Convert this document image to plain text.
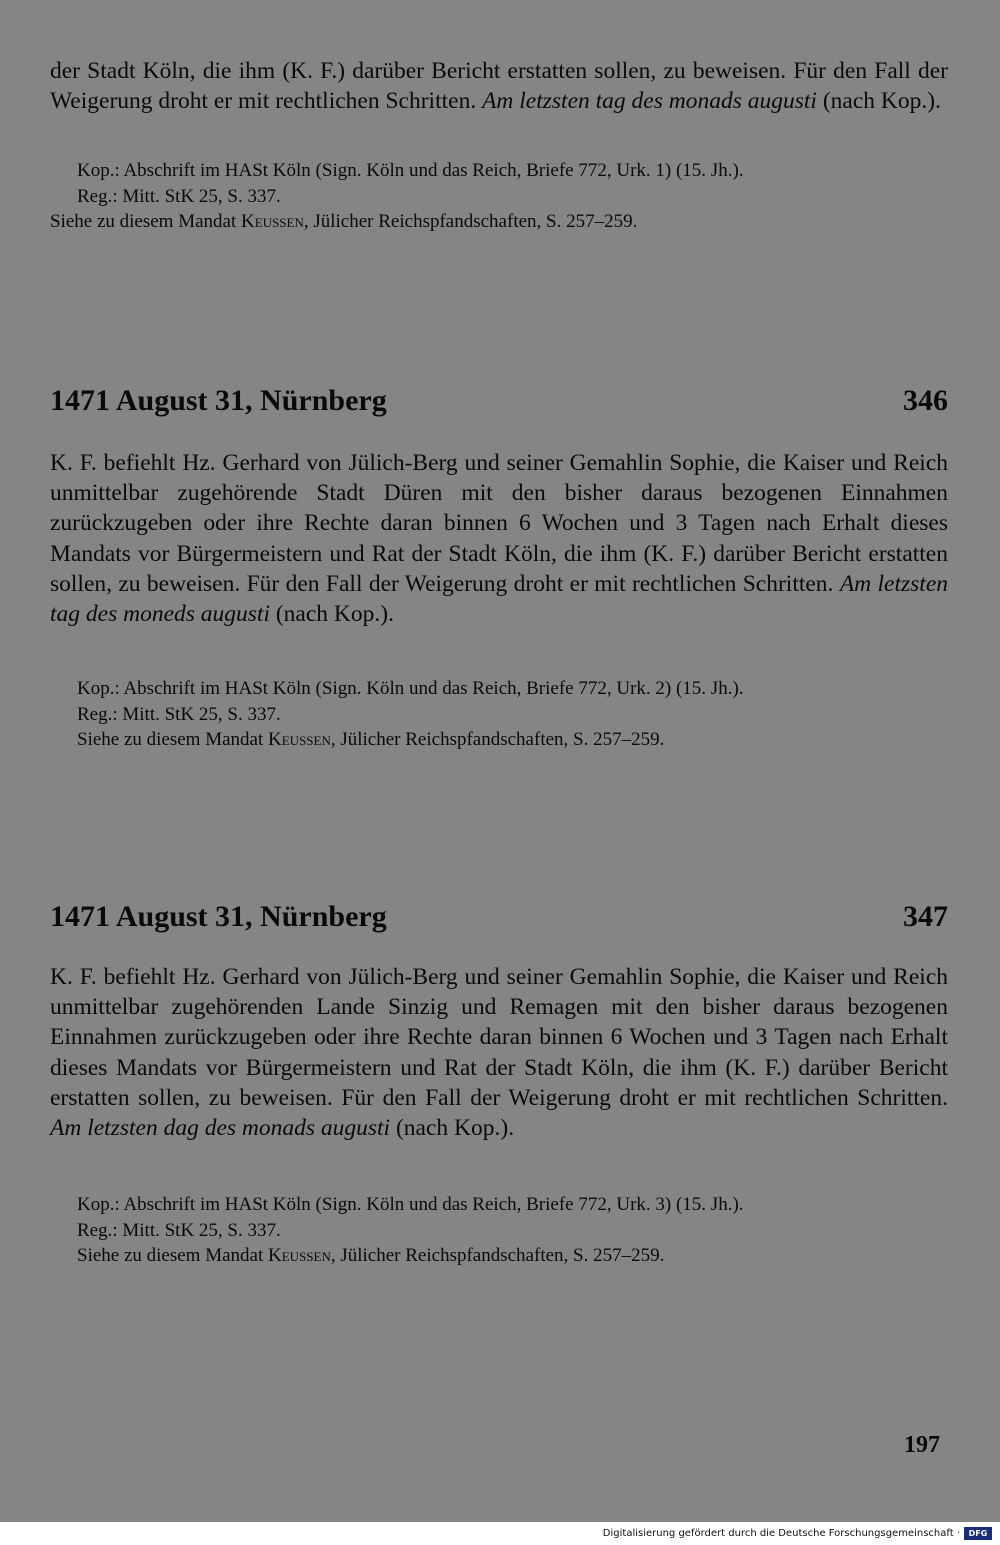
der Stadt Köln, die ihm (K. F.) darüber Bericht erstatten sollen, zu beweisen. Für den Fall der Weigerung droht er mit rechtlichen Schritten. Am letzsten tag des monads augusti (nach Kop.).

Kop.: Abschrift im HASt Köln (Sign. Köln und das Reich, Briefe 772, Urk. 1) (15. Jh.).

Reg.: Mitt. StK 25, S. 337.

Siehe zu diesem Mandat Keussen, Jülicher Reichspfandschaften, S. 257–259.

1471 August 31, Nürnberg	346

K. F. befiehlt Hz. Gerhard von Jülich-Berg und seiner Gemahlin Sophie, die Kaiser und Reich unmittelbar zugehörende Stadt Düren mit den bisher daraus bezogenen Einnahmen zurückzugeben oder ihre Rechte daran binnen 6 Wochen und 3 Tagen nach Erhalt dieses Mandats vor Bürgermeistern und Rat der Stadt Köln, die ihm (K. F.) darüber Bericht erstatten sollen, zu beweisen. Für den Fall der Weigerung droht er mit rechtlichen Schritten. Am letzsten tag des moneds augusti (nach Kop.).

Kop.: Abschrift im HASt Köln (Sign. Köln und das Reich, Briefe 772, Urk. 2) (15. Jh.).

Reg.: Mitt. StK 25, S. 337.

Siehe zu diesem Mandat Keussen, Jülicher Reichspfandschaften, S. 257–259.

1471 August 31, Nürnberg	347

K. F. befiehlt Hz. Gerhard von Jülich-Berg und seiner Gemahlin Sophie, die Kaiser und Reich unmittelbar zugehörenden Lande Sinzig und Remagen mit den bisher daraus bezogenen Einnahmen zurückzugeben oder ihre Rechte daran binnen 6 Wochen und 3 Tagen nach Erhalt dieses Mandats vor Bürgermeistern und Rat der Stadt Köln, die ihm (K. F.) darüber Bericht erstatten sollen, zu beweisen. Für den Fall der Weigerung droht er mit rechtlichen Schritten. Am letzsten dag des monads augusti (nach Kop.).

Kop.: Abschrift im HASt Köln (Sign. Köln und das Reich, Briefe 772, Urk. 3) (15. Jh.).

Reg.: Mitt. StK 25, S. 337.

Siehe zu diesem Mandat Keussen, Jülicher Reichspfandschaften, S. 257–259.

197
Digitalisierung gefördert durch die Deutsche Forschungsgemeinschaft ·	DFG
